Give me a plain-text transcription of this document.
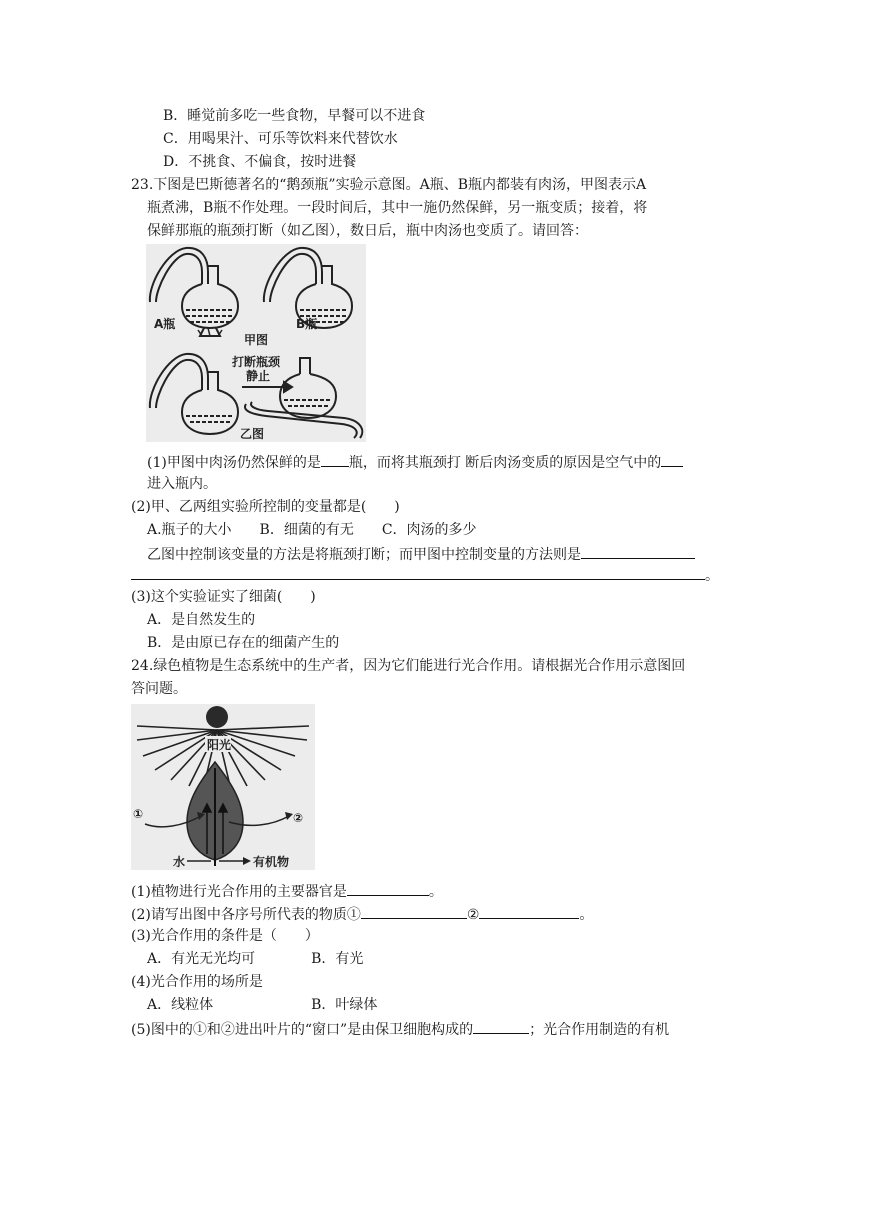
B．睡觉前多吃一些食物，早餐可以不进食
C．用喝果汁、可乐等饮料来代替饮水
D．不挑食、不偏食，按时进餐
23.下图是巴斯德著名的“鹅颈瓶”实验示意图。A瓶、B瓶内都装有肉汤，甲图表示A
瓶煮沸，B瓶不作处理。一段时间后，其中一施仍然保鲜，另一瓶变质；接着，将
保鲜那瓶的瓶颈打断（如乙图），数日后，瓶中肉汤也变质了。请回答：
A瓶	B瓶
甲图
打断瓶颈
静止
乙图
(1)甲图中肉汤仍然保鲜的是 瓶，而将其瓶颈打 断后肉汤变质的原因是空气中的
进入瓶内。
(2)甲、乙两组实验所控制的变量都是(　　)
A.瓶子的大小　　B．细菌的有无　　C．肉汤的多少
乙图中控制该变量的方法是将瓶颈打断；而甲图中控制变量的方法则是
。
(3)这个实验证实了细菌(　　)
A．是自然发生的
B．是由原已存在的细菌产生的
24.绿色植物是生态系统中的生产者，因为它们能进行光合作用。请根据光合作用示意图回
答问题。
阳光
①	②
水	有机物
(1)植物进行光合作用的主要器官是	。
(2)请写出图中各序号所代表的物质①	②	。
(3)光合作用的条件是（　　）
A．有光无光均可　　　　B．有光
(4)光合作用的场所是
A．线粒体　　　　　　　B．叶绿体
(5)图中的①和②进出叶片的“窗口”是由保卫细胞构成的	；光合作用制造的有机
